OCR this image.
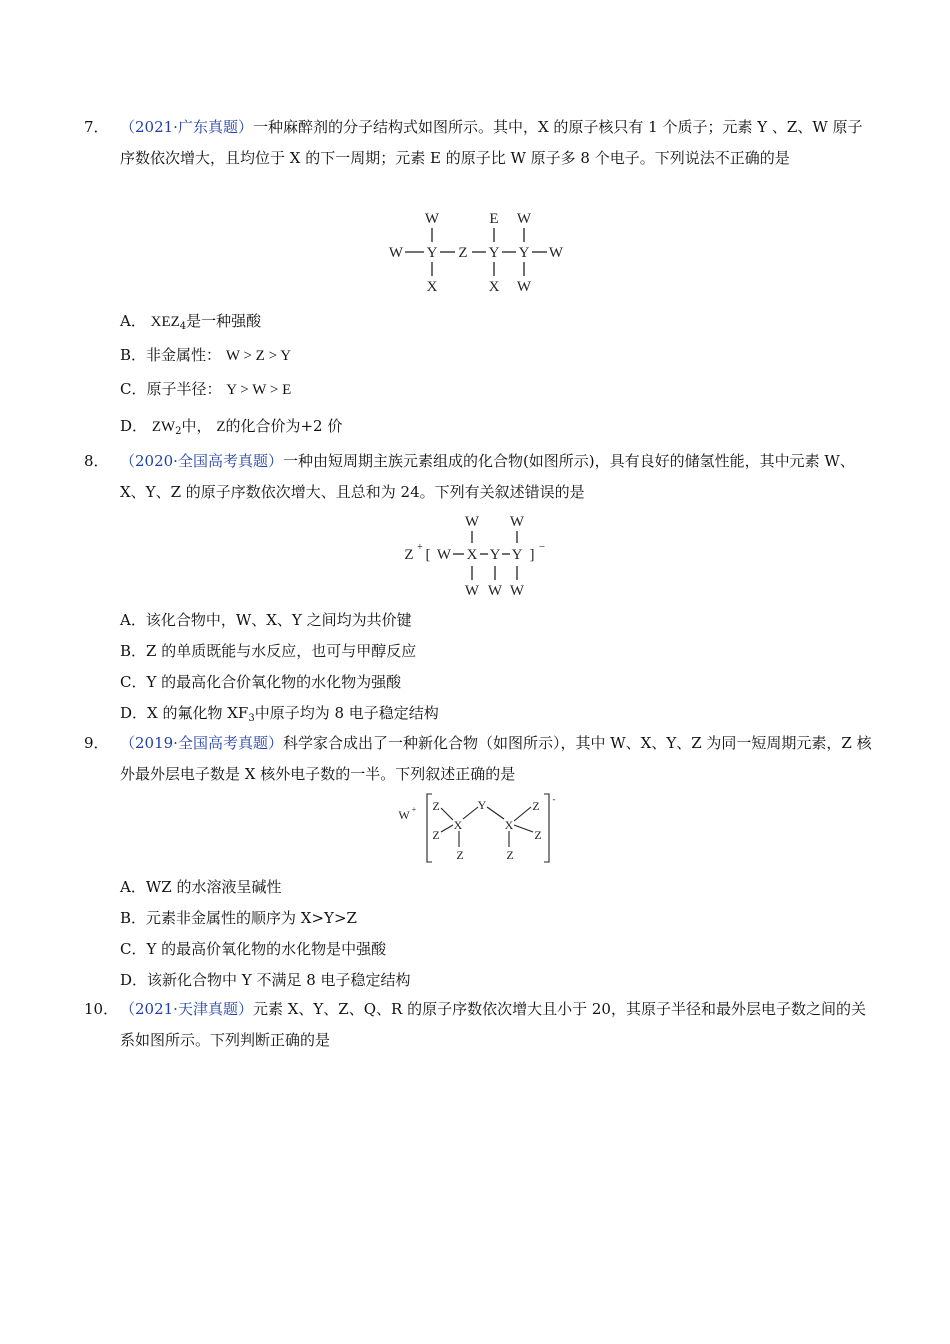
7． （2021·广东真题）一种麻醉剂的分子结构式如图所示。其中，X 的原子核只有 1 个质子；元素 Y 、Z、W 原子序数依次增大，且均位于 X 的下一周期；元素 E 的原子比 W 原子多 8 个电子。下列说法不正确的是
W	E W
W Y Z Y Y W
X	X W
A． $XEZ_4$是一种强酸
B．非金属性： W > Z > Y
C．原子半径： Y > W > E
D． $ZW_2$中， Z的化合价为+2 价
8． （2020·全国高考真题）一种由短周期主族元素组成的化合物(如图所示)，具有良好的储氢性能，其中元素 W、X、Y、Z 的原子序数依次增大、且总和为 24。下列有关叙述错误的是
Z + [ W X Y Y ] −
W W
W W W
A．该化合物中，W、X、Y 之间均为共价键
B．Z 的单质既能与水反应，也可与甲醇反应
C．Y 的最高化合价氧化物的水化物为强酸
D．X 的氟化物 $XF_3$中原子均为 8 电子稳定结构
9． （2019·全国高考真题）科学家合成出了一种新化合物（如图所示），其中 W、X、Y、Z 为同一短周期元素，Z 核外最外层电子数是 X 核外电子数的一半。下列叙述正确的是
W +
-
Z
Z
X
Z
Y
X
Z
Z
Z
A．WZ 的水溶液呈碱性
B．元素非金属性的顺序为 X>Y>Z
C．Y 的最高价氧化物的水化物是中强酸
D．该新化合物中 Y 不满足 8 电子稳定结构
10． （2021·天津真题）元素 X、Y、Z、Q、R 的原子序数依次增大且小于 20，其原子半径和最外层电子数之间的关系如图所示。下列判断正确的是
